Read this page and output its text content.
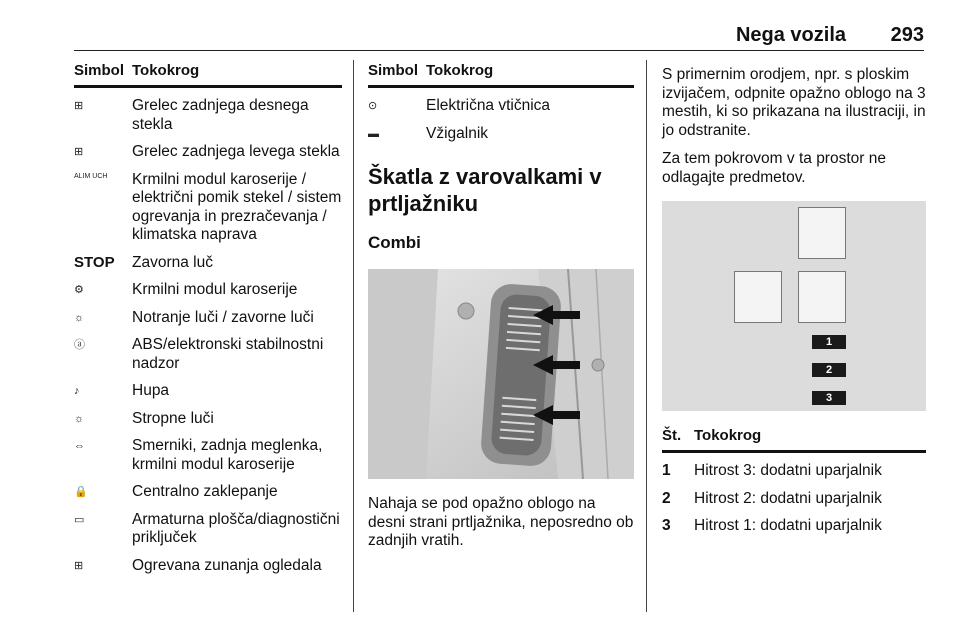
Nega vozila 293
Simbol Tokokrog
⊞	Grelec zadnjega desnega stekla
⊞	Grelec zadnjega levega stekla
ALIM UCH	Krmilni modul karoserije / električni pomik stekel / sistem ogrevanja in prezračevanja / klimatska naprava
STOP	Zavorna luč
⚙	Krmilni modul karoserije
☼	Notranje luči / zavorne luči
ⓐ	ABS/elektronski stabilnostni nadzor
♪	Hupa
☼	Stropne luči
⇔	Smerniki, zadnja meglenka, krmilni modul karoserije
🔒	Centralno zaklepanje
▭	Armaturna plošča/diagnostični priključek
⊞	Ogrevana zunanja ogledala
Simbol Tokokrog
⊙	Električna vtičnica
▬	Vžigalnik
Škatla z varovalkami v prtljažniku
Combi

Nahaja se pod opažno oblogo na desni strani prtljažnika, neposredno ob zadnjih vratih.

S primernim orodjem, npr. s ploskim izvijačem, odpnite opažno oblogo na 3 mestih, ki so prikazana na ilustraciji, in jo odstranite.

Za tem pokrovom v ta prostor ne odlagajte predmetov.

1
2
3
Št. Tokokrog
1	Hitrost 3: dodatni uparjalnik
2	Hitrost 2: dodatni uparjalnik
3	Hitrost 1: dodatni uparjalnik
